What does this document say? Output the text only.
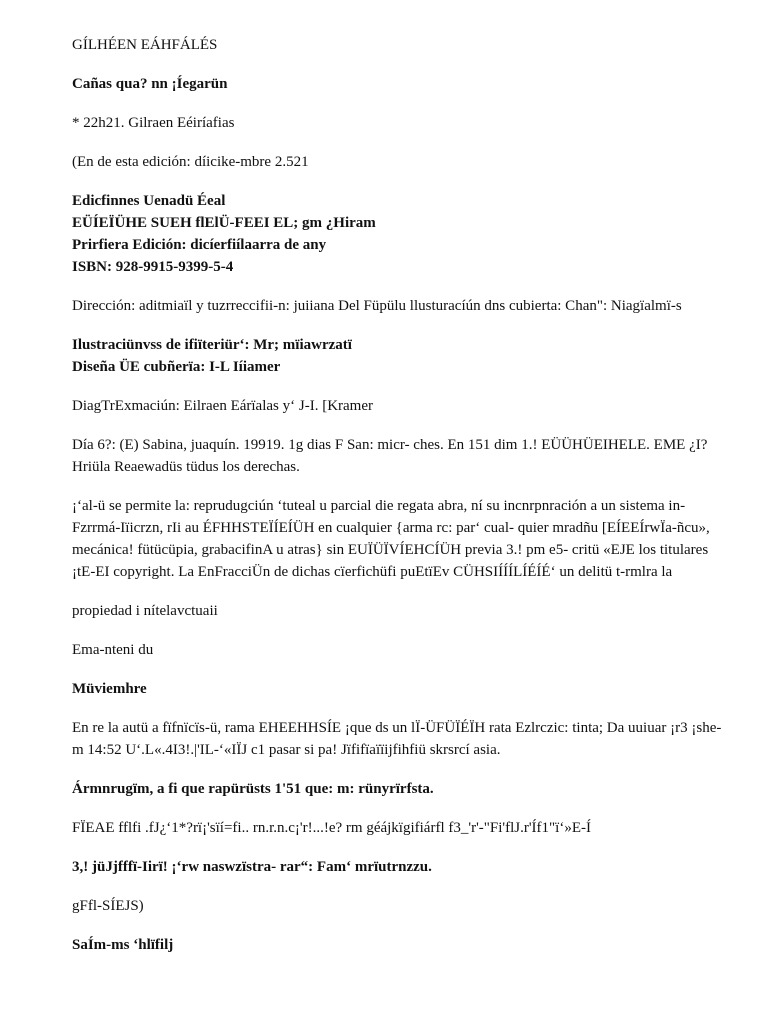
GÍLHÉEN EÁHFÁLÉS
Cañas qua? nn ¡Íegarün
* 22h21. Gilraen Eéiríafias
(En de esta edición: díicike-mbre 2.521
Edicfinnes Uenadü Éeal
EÜÍEÏÜHE SUEH flElÜ-FEEI EL; gm ¿Hiram
Prirfiera Edición: dicíerfiílaarra de any
ISBN: 928-9915-9399-5-4
Dirección: aditmiaïl y tuzrreccifii-n: juiiana Del Füpülu llusturacíún dns cubierta: Chan": Niagïalmï-s
Ilustraciünvss de ifiïteriür‘: Mr; mïiawrzatï
Diseña ÜE cubñerïa: I-L Iíiamer
DiagTrExmaciún: Eilraen Eárïalas y‘ J-I. [Kramer
Día 6?: (E) Sabina, juaquín. 19919. 1g dias F San: micr- ches. En 151 dim 1.! EÜÜHÜEIHELE. EME ¿I? Hriüla Reaewadüs tüdus los derechas.
¡‘al-ü se permite la: reprudugciún ‘tuteal u parcial die regata abra, ní su incnrpnración a un sistema in-Fzrrmá-Iïicrzn, rIi au ÉFHHSTEÏÍEÍÜH en cualquier {arma rc: par‘ cual- quier mradñu [EÍEEÍrwÏa-ñcu», mecánica! fütücüpia, grabacifinA u atras} sin EUÏÜÏVÍEHCÍÜH previa 3.! pm e5- critü «EJE los titulares ¡tE-EI copyright. La EnFracciÜn de dichas cïerfichüfi puEtïEv CÜHSIÍÍÍLÍÉÍÉ‘ un delitü t-rmlra la
propiedad i nítelavctuaii
Ema-nteni du
Müviemhre
En re la autü a fïfnïcïs-ü, rama EHEEHHSÍE ¡que ds un lÏ-ÜFÜÏÉÏH rata Ezlrczic: tinta; Da uuiuar ¡r3 ¡she-m 14:52 U‘.L«.4I3!.|'IL-‘«IÏJ c1 pasar si pa! Jïfifïaïïijfihfiü skrsrcí asia.
Ármnrugïm, a fi que rapürüsts 1'51 que: m: rünyrïrfsta.
FÏEAE fflfi .fJ¿‘1*?rï¡'sïí=fi.. rn.r.n.c¡'r!...!e? rm géájkïgifiárfl f3_'r'-"Fi'flJ.r'Íf1"ï‘»E-Í
3,! jüJjfffï-Iirï! ¡‘rw naswzïstra- rar“: Fam‘ mrïutrnzzu.
gFfl-SÍEJS)
SaÍm-ms ‘hlïfilj
